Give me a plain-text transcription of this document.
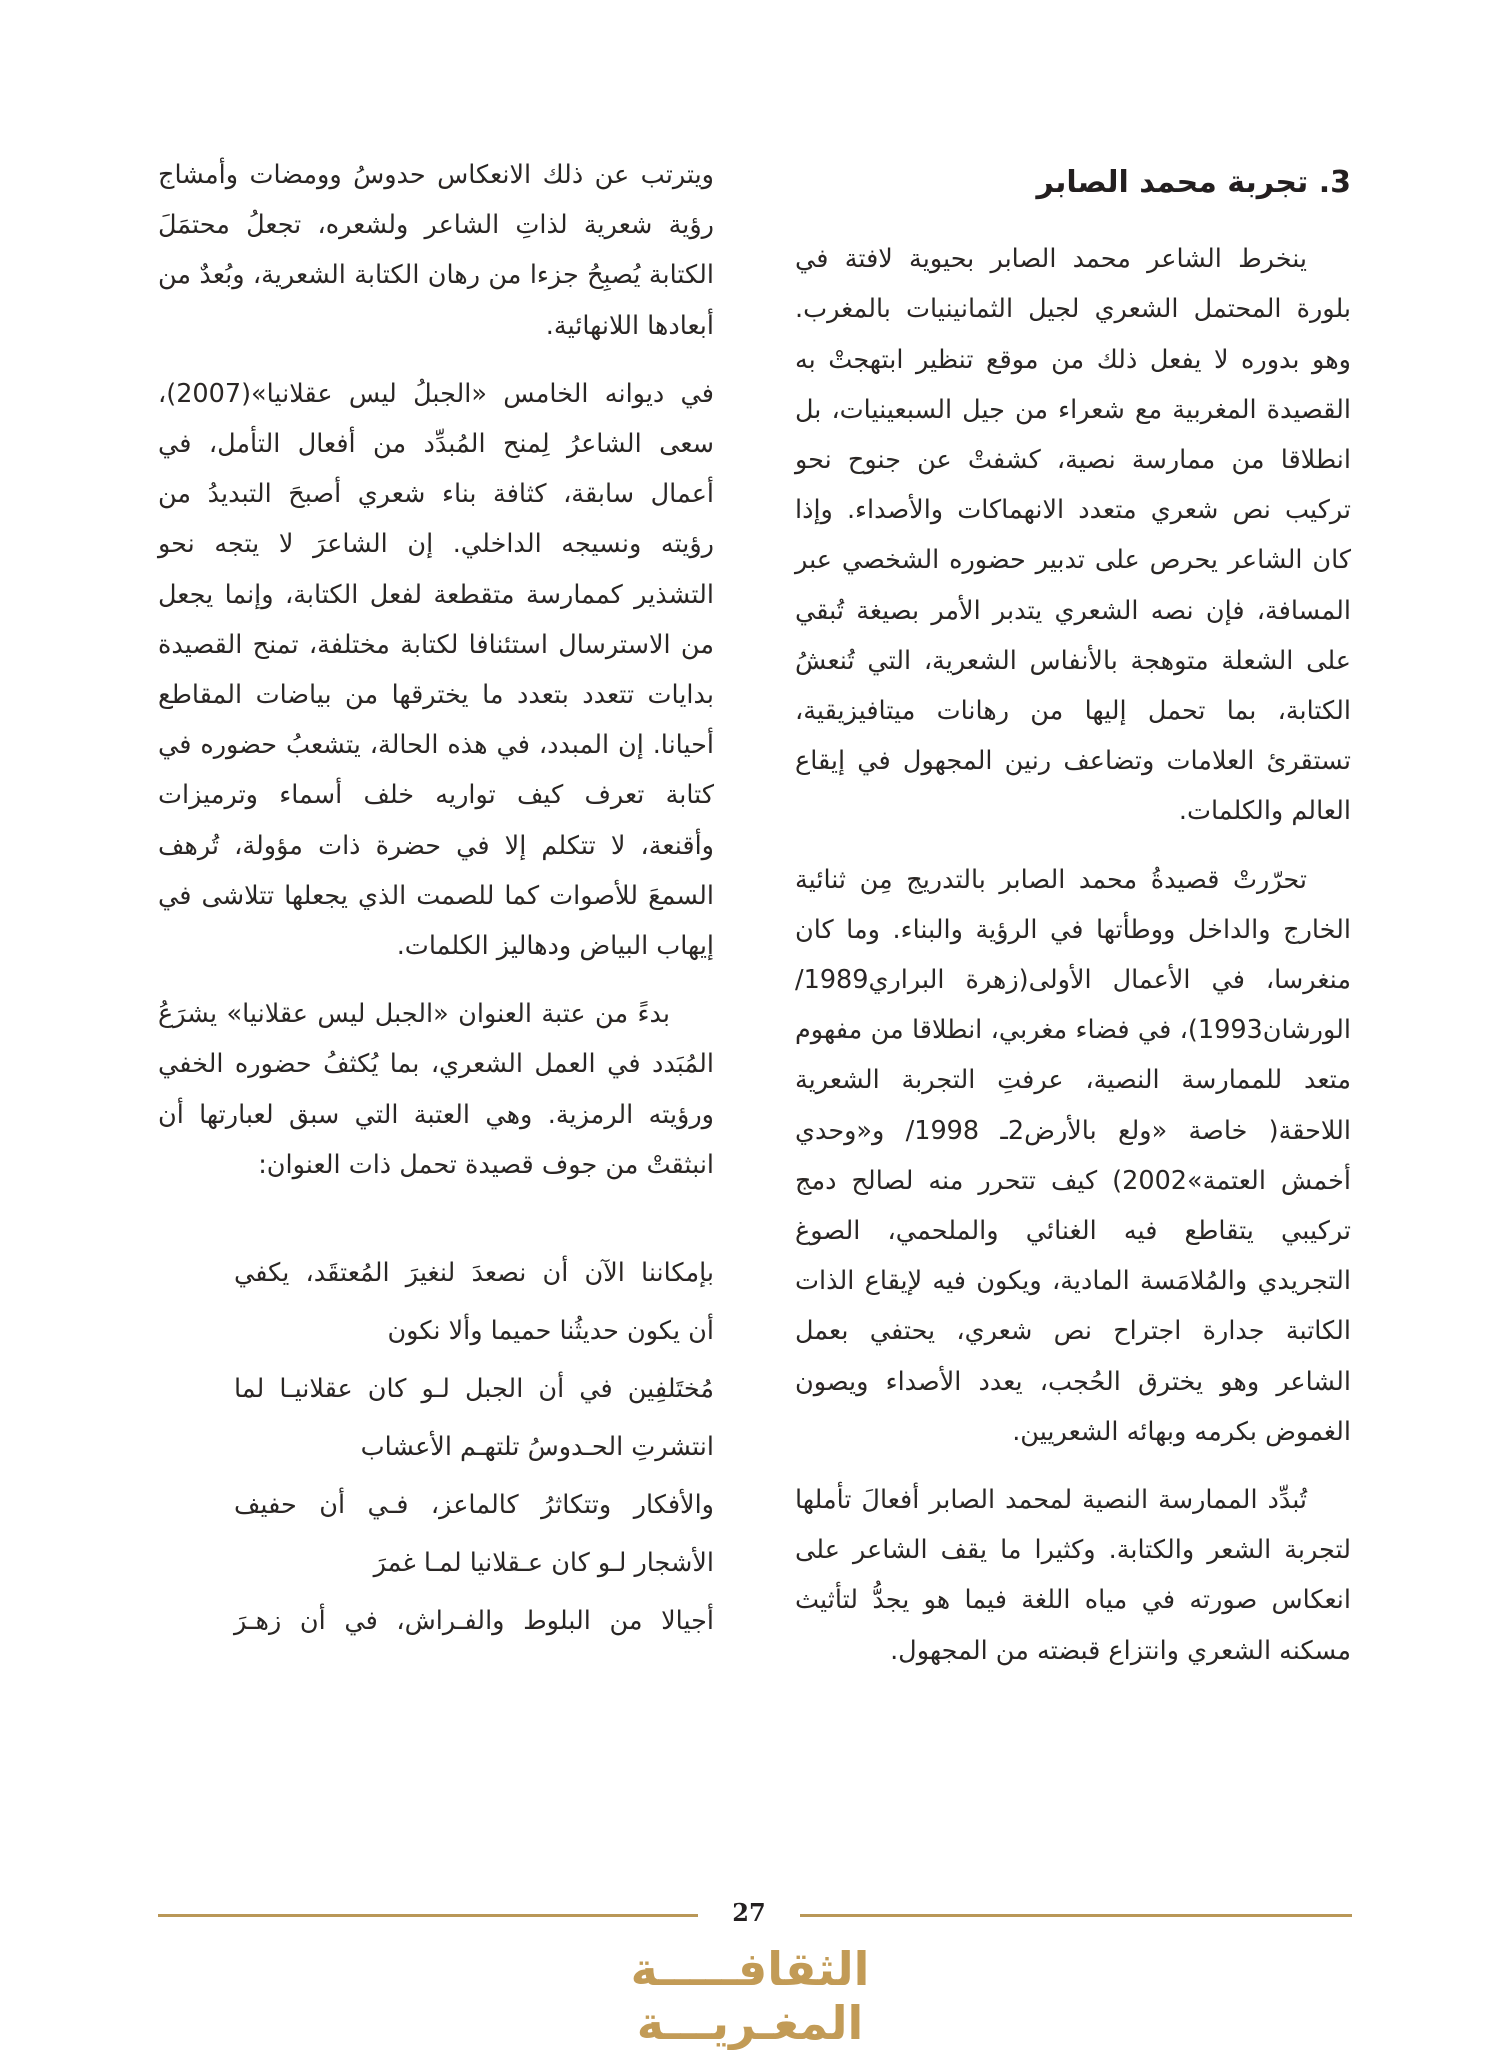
3. تجربة محمد الصابر

ينخرط الشاعر محمد الصابر بحيوية لافتة في بلورة المحتمل الشعري لجيل الثمانينيات بالمغرب. وهو بدوره لا يفعل ذلك من موقع تنظير ابتهجتْ به القصيدة المغربية مع شعراء من جيل السبعينيات، بل انطلاقا من ممارسة نصية، كشفتْ عن جنوح نحو تركيب نص شعري متعدد الانهماكات والأصداء. وإذا كان الشاعر يحرص على تدبير حضوره الشخصي عبر المسافة، فإن نصه الشعري يتدبر الأمر بصيغة تُبقي على الشعلة متوهجة بالأنفاس الشعرية، التي تُنعشُ الكتابة، بما تحمل إليها من رهانات ميتافيزيقية، تستقرئ العلامات وتضاعف رنين المجهول في إيقاع العالم والكلمات.

تحرّرتْ قصيدةُ محمد الصابر بالتدريج مِن ثنائية الخارج والداخل ووطأتها في الرؤية والبناء. وما كان منغرسا، في الأعمال الأولى(زهرة البراري1989/ الورشان1993)، في فضاء مغربي، انطلاقا من مفهوم متعد للممارسة النصية، عرفتِ التجربة الشعرية اللاحقة( خاصة «ولع بالأرض2ـ 1998/ و«وحدي أخمش العتمة»2002) كيف تتحرر منه لصالح دمج تركيبي يتقاطع فيه الغنائي والملحمي، الصوغ التجريدي والمُلامَسة المادية، ويكون فيه لإيقاع الذات الكاتبة جدارة اجتراح نص شعري، يحتفي بعمل الشاعر وهو يخترق الحُجب، يعدد الأصداء ويصون الغموض بكرمه وبهائه الشعريين.

تُبدِّد الممارسة النصية لمحمد الصابر أفعالَ تأملها لتجربة الشعر والكتابة. وكثيرا ما يقف الشاعر على انعكاس صورته في مياه اللغة فيما هو يجدُّ لتأثيث مسكنه الشعري وانتزاع قبضته من المجهول.

ويترتب عن ذلك الانعكاس حدوسُ وومضات وأمشاج رؤية شعرية لذاتِ الشاعر ولشعره، تجعلُ محتمَلَ الكتابة يُصبِحُ جزءا من رهان الكتابة الشعرية، وبُعدٌ من أبعادها اللانهائية.

في ديوانه الخامس «الجبلُ ليس عقلانيا»(2007)، سعى الشاعرُ لِمنح المُبدِّد من أفعال التأمل، في أعمال سابقة، كثافة بناء شعري أصبحَ التبديدُ من رؤيته ونسيجه الداخلي. إن الشاعرَ لا يتجه نحو التشذير كممارسة متقطعة لفعل الكتابة، وإنما يجعل من الاسترسال استئنافا لكتابة مختلفة، تمنح القصيدة بدايات تتعدد بتعدد ما يخترقها من بياضات المقاطع أحيانا. إن المبدد، في هذه الحالة، يتشعبُ حضوره في كتابة تعرف كيف تواريه خلف أسماء وترميزات وأقنعة، لا تتكلم إلا في حضرة ذات مؤولة، تُرهف السمعَ للأصوات كما للصمت الذي يجعلها تتلاشى في إيهاب البياض ودهاليز الكلمات.

بدءً من عتبة العنوان «الجبل ليس عقلانيا» يشرَعُ المُبَدد في العمل الشعري، بما يُكثفُ حضوره الخفي ورؤيته الرمزية. وهي العتبة التي سبق لعبارتها أن انبثقتْ من جوف قصيدة تحمل ذات العنوان:

بإمكاننا الآن أن نصعدَ لنغيرَ المُعتقَد، يكفي
أن يكون حديثُنا حميما وألا نكون
مُختَلفِين في أن الجبل لـو كان عقلانيـا لما
انتشرتِ الحـدوسُ تلتهـم الأعشاب
والأفكار وتتكاثرُ كالماعز، فـي أن حفيف
الأشجار لـو كان عـقلانيا لمـا غمرَ
أجيالا من البلوط والفـراش، في أن زهـرَ
27
الثقافـــــة المغـريـــة
